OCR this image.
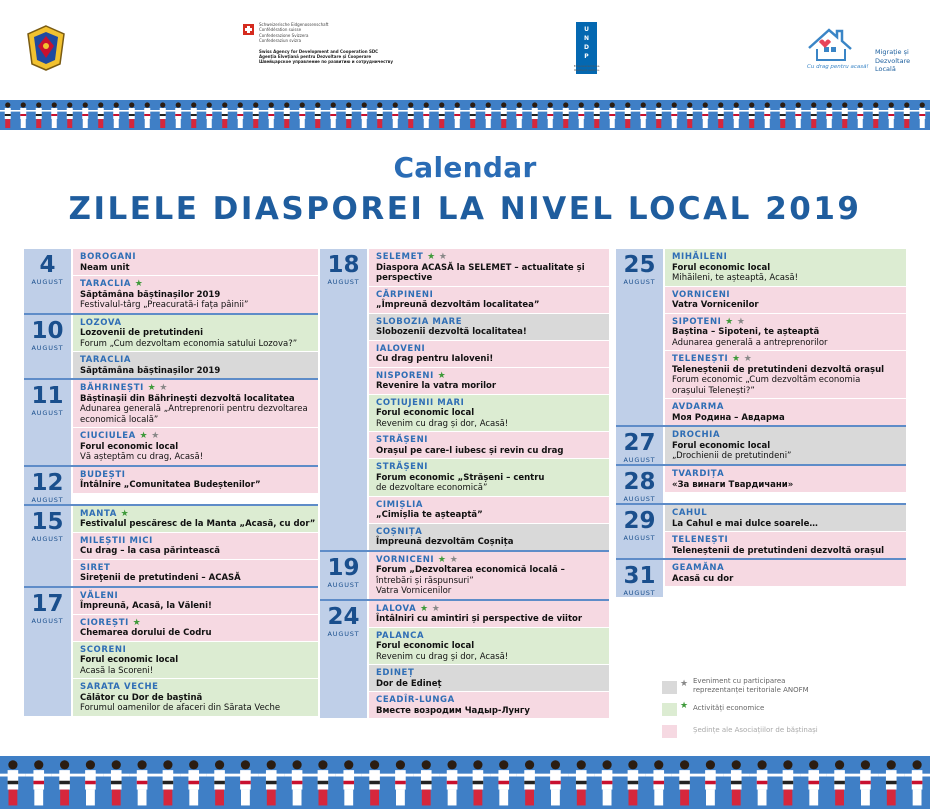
Schweizerische Eidgenossenschaft
Confédération suisse
Confederazione Svizzera
Confederaziun svizra
Swiss Agency for Development and Cooperation SDC
Agenția Elvețiană pentru Dezvoltare și Cooperare
Швейцарское управление по развитию и сотрудничеству
U
N
D
P
Empowered lives. Resilient nations.
Migrație și
Dezvoltare
Locală
Cu drag pentru acasă!
Calendar
ZILELE DIASPOREI LA NIVEL LOCAL 2019
4
AUGUST
BOROGANI
Neam unit
TARACLIA ★
Săptămâna băștinașilor 2019
Festivalul-târg „Preacurată-i fața pâinii”
10
AUGUST
LOZOVA
Lozovenii de pretutindeni
Forum „Cum dezvoltam economia satului Lozova?”
TARACLIA
Săptămâna băștinașilor 2019
11
AUGUST
BĂHRINEȘTI ★ ★
Băștinașii din Băhrinești dezvoltă localitatea
Adunarea generală „Antreprenorii pentru dezvoltarea economică locală”
CIUCIULEA ★ ★
Forul economic local
Vă așteptăm cu drag, Acasă!
12
AUGUST
BUDEȘTI
Întâlnire „Comunitatea Budeștenilor”
15
AUGUST
MANTA ★
Festivalul pescăresc de la Manta „Acasă, cu dor”
MILEȘTII MICI
Cu drag – la casa părintească
SIRET
Sireţenii de pretutindeni – ACASĂ
17
AUGUST
VĂLENI
Împreună, Acasă, la Văleni!
CIOREȘTI ★
Chemarea dorului de Codru
SCORENI
Forul economic local
Acasă la Scoreni!
SARATA VECHE
Călător cu Dor de baștină
Forumul oamenilor de afaceri din Sărata Veche
18
AUGUST
SELEMET ★ ★
Diaspora ACASĂ la SELEMET – actualitate și perspective
CĂRPINENI
„Împreună dezvoltăm localitatea”
SLOBOZIA MARE
Slobozenii dezvoltă localitatea!
IALOVENI
Cu drag pentru Ialoveni!
NISPORENI ★
Revenire la vatra morilor
COTIUJENII MARI
Forul economic local
Revenim cu drag și dor, Acasă!
STRĂȘENI
Orașul pe care-l iubesc și revin cu drag
STRĂȘENI
Forum economic „Strășeni – centru
de dezvoltare economică”
CIMIȘLIA
„Cimișlia te așteaptă”
COȘNIȚA
Împreună dezvoltăm Coșnița
19
AUGUST
VORNICENI ★ ★
Forum „Dezvoltarea economică locală –
întrebări și răspunsuri”
Vatra Vornicenilor
24
AUGUST
LALOVA ★ ★
Întâlniri cu amintiri și perspective de viitor
PALANCA
Forul economic local
Revenim cu drag și dor, Acasă!
EDINEȚ
Dor de Edineț
CEADÎR-LUNGA
Вместе возродим Чадыр-Лунгу
25
AUGUST
MIHĂILENI
Forul economic local
Mihăileni, te așteaptă, Acasă!
VORNICENI
Vatra Vornicenilor
SIPOTENI ★ ★
Baștina – Sipoteni, te așteaptă
Adunarea generală a antreprenorilor
TELENEȘTI ★ ★
Teleneștenii de pretutindeni dezvoltă orașul
Forum economic „Cum dezvoltăm economia
orașului Telenești?”
AVDARMA
Моя Родина – Авдарма
27
AUGUST
DROCHIA
Forul economic local
„Drochienii de pretutindeni”
28
AUGUST
TVARDIȚA
«За винаги Твардичани»
29
AUGUST
CAHUL
La Cahul e mai dulce soarele…
TELENEȘTI
Teleneștenii de pretutindeni dezvoltă orașul
31
AUGUST
GEAMĂNA
Acasă cu dor
★ Eveniment cu participarea
reprezentanței teritoriale ANOFM
★ Activități economice
Ședințe ale Asociațiilor de băștinași
